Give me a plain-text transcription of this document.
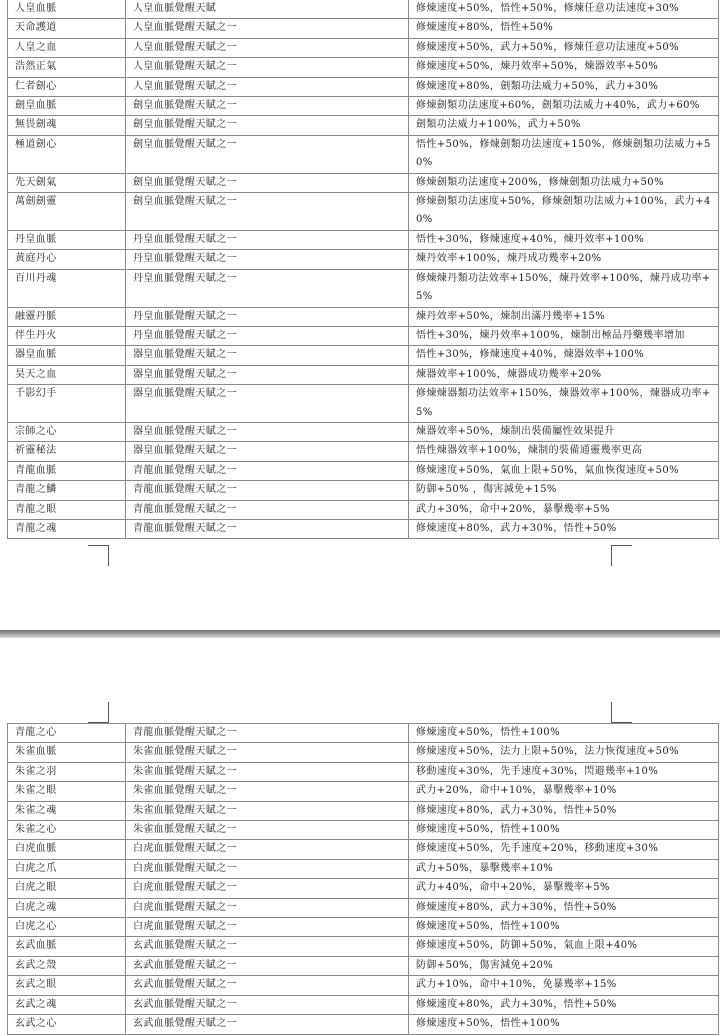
人皇血脈	人皇血脈覺醒天賦	修煉速度+50%，悟性+50%，修煉任意功法速度+30%
天命護道	人皇血脈覺醒天賦之一	修煉速度+80%，悟性+50%
人皇之血	人皇血脈覺醒天賦之一	修煉速度+50%，武力+50%，修煉任意功法速度+50%
浩然正氣	人皇血脈覺醒天賦之一	修煉速度+50%，煉丹效率+50%，煉器效率+50%
仁者劍心	人皇血脈覺醒天賦之一	修煉速度+80%，劍類功法威力+50%，武力+30%
劍皇血脈	劍皇血脈覺醒天賦之一	修煉劍類功法速度+60%，劍類功法威力+40%，武力+60%
無畏劍魂	劍皇血脈覺醒天賦之一	劍類功法威力+100%，武力+50%
極道劍心	劍皇血脈覺醒天賦之一	悟性+50%，修煉劍類功法速度+150%，修煉劍類功法威力+50%
先天劍氣	劍皇血脈覺醒天賦之一	修煉劍類功法速度+200%，修煉劍類功法威力+50%
萬劍劍靈	劍皇血脈覺醒天賦之一	修煉劍類功法速度+50%，修煉劍類功法威力+100%，武力+40%
丹皇血脈	丹皇血脈覺醒天賦之一	悟性+30%，修煉速度+40%，煉丹效率+100%
黄庭丹心	丹皇血脈覺醒天賦之一	煉丹效率+100%，煉丹成功幾率+20%
百川丹魂	丹皇血脈覺醒天賦之一	修煉煉丹類功法效率+150%，煉丹效率+100%，煉丹成功率+5%
融靈丹脈	丹皇血脈覺醒天賦之一	煉丹效率+50%，煉制出滿丹幾率+15%
伴生丹火	丹皇血脈覺醒天賦之一	悟性+30%，煉丹效率+100%，煉制出極品丹藥幾率增加
器皇血脈	器皇血脈覺醒天賦之一	悟性+30%，修煉速度+40%，煉器效率+100%
昊天之血	器皇血脈覺醒天賦之一	煉器效率+100%，煉器成功幾率+20%
千影幻手	器皇血脈覺醒天賦之一	修煉煉器類功法效率+150%，煉器效率+100%，煉器成功率+5%
宗師之心	器皇血脈覺醒天賦之一	煉器效率+50%，煉制出裝備屬性效果提升
祈靈秘法	器皇血脈覺醒天賦之一	悟性煉器效率+100%，煉制的裝備通靈幾率更高
青龍血脈	青龍血脈覺醒天賦之一	修煉速度+50%，氣血上限+50%，氣血恢復速度+50%
青龍之鱗	青龍血脈覺醒天賦之一	防御+50% ，傷害減免+15%
青龍之眼	青龍血脈覺醒天賦之一	武力+30%，命中+20%，暴擊幾率+5%
青龍之魂	青龍血脈覺醒天賦之一	修煉速度+80%，武力+30%，悟性+50%
青龍之心	青龍血脈覺醒天賦之一	修煉速度+50%，悟性+100%
朱雀血脈	朱雀血脈覺醒天賦之一	修煉速度+50%，法力上限+50%，法力恢復速度+50%
朱雀之羽	朱雀血脈覺醒天賦之一	移動速度+30%，先手速度+30%，閃避幾率+10%
朱雀之眼	朱雀血脈覺醒天賦之一	武力+20%，命中+10%，暴擊幾率+10%
朱雀之魂	朱雀血脈覺醒天賦之一	修煉速度+80%，武力+30%，悟性+50%
朱雀之心	朱雀血脈覺醒天賦之一	修煉速度+50%，悟性+100%
白虎血脈	白虎血脈覺醒天賦之一	修煉速度+50%，先手速度+20%，移動速度+30%
白虎之爪	白虎血脈覺醒天賦之一	武力+50%，暴擊幾率+10%
白虎之眼	白虎血脈覺醒天賦之一	武力+40%，命中+20%，暴擊幾率+5%
白虎之魂	白虎血脈覺醒天賦之一	修煉速度+80%，武力+30%，悟性+50%
白虎之心	白虎血脈覺醒天賦之一	修煉速度+50%，悟性+100%
玄武血脈	玄武血脈覺醒天賦之一	修煉速度+50%，防御+50%，氣血上限+40%
玄武之殼	玄武血脈覺醒天賦之一	防御+50%，傷害減免+20%
玄武之眼	玄武血脈覺醒天賦之一	武力+10%，命中+10%，免暴幾率+15%
玄武之魂	玄武血脈覺醒天賦之一	修煉速度+80%，武力+30%，悟性+50%
玄武之心	玄武血脈覺醒天賦之一	修煉速度+50%，悟性+100%
